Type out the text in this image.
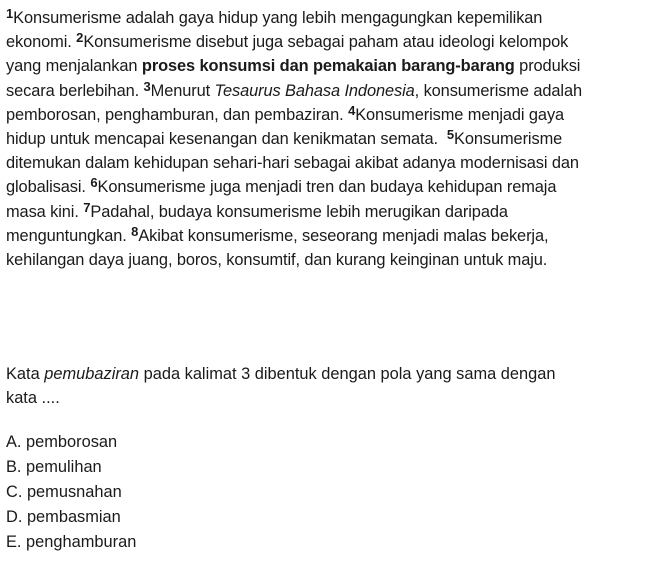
$^1$Konsumerisme adalah gaya hidup yang lebih mengagungkan kepemilikan
ekonomi. $^2$Konsumerisme disebut juga sebagai paham atau ideologi kelompok
yang menjalankan proses konsumsi dan pemakaian barang-barang produksi
secara berlebihan. $^3$Menurut Tesaurus Bahasa Indonesia, konsumerisme adalah
pemborosan, penghamburan, dan pembaziran. $^4$Konsumerisme menjadi gaya
hidup untuk mencapai kesenangan dan kenikmatan semata.  $^5$Konsumerisme
ditemukan dalam kehidupan sehari-hari sebagai akibat adanya modernisasi dan
globalisasi. $^6$Konsumerisme juga menjadi tren dan budaya kehidupan remaja
masa kini. $^7$Padahal, budaya konsumerisme lebih merugikan daripada
menguntungkan. $^8$Akibat konsumerisme, seseorang menjadi malas bekerja,
kehilangan daya juang, boros, konsumtif, dan kurang keinginan untuk maju.
Kata pemubaziran pada kalimat 3 dibentuk dengan pola yang sama dengan
kata ....
A. pemborosan
B. pemulihan
C. pemusnahan
D. pembasmian
E. penghamburan
